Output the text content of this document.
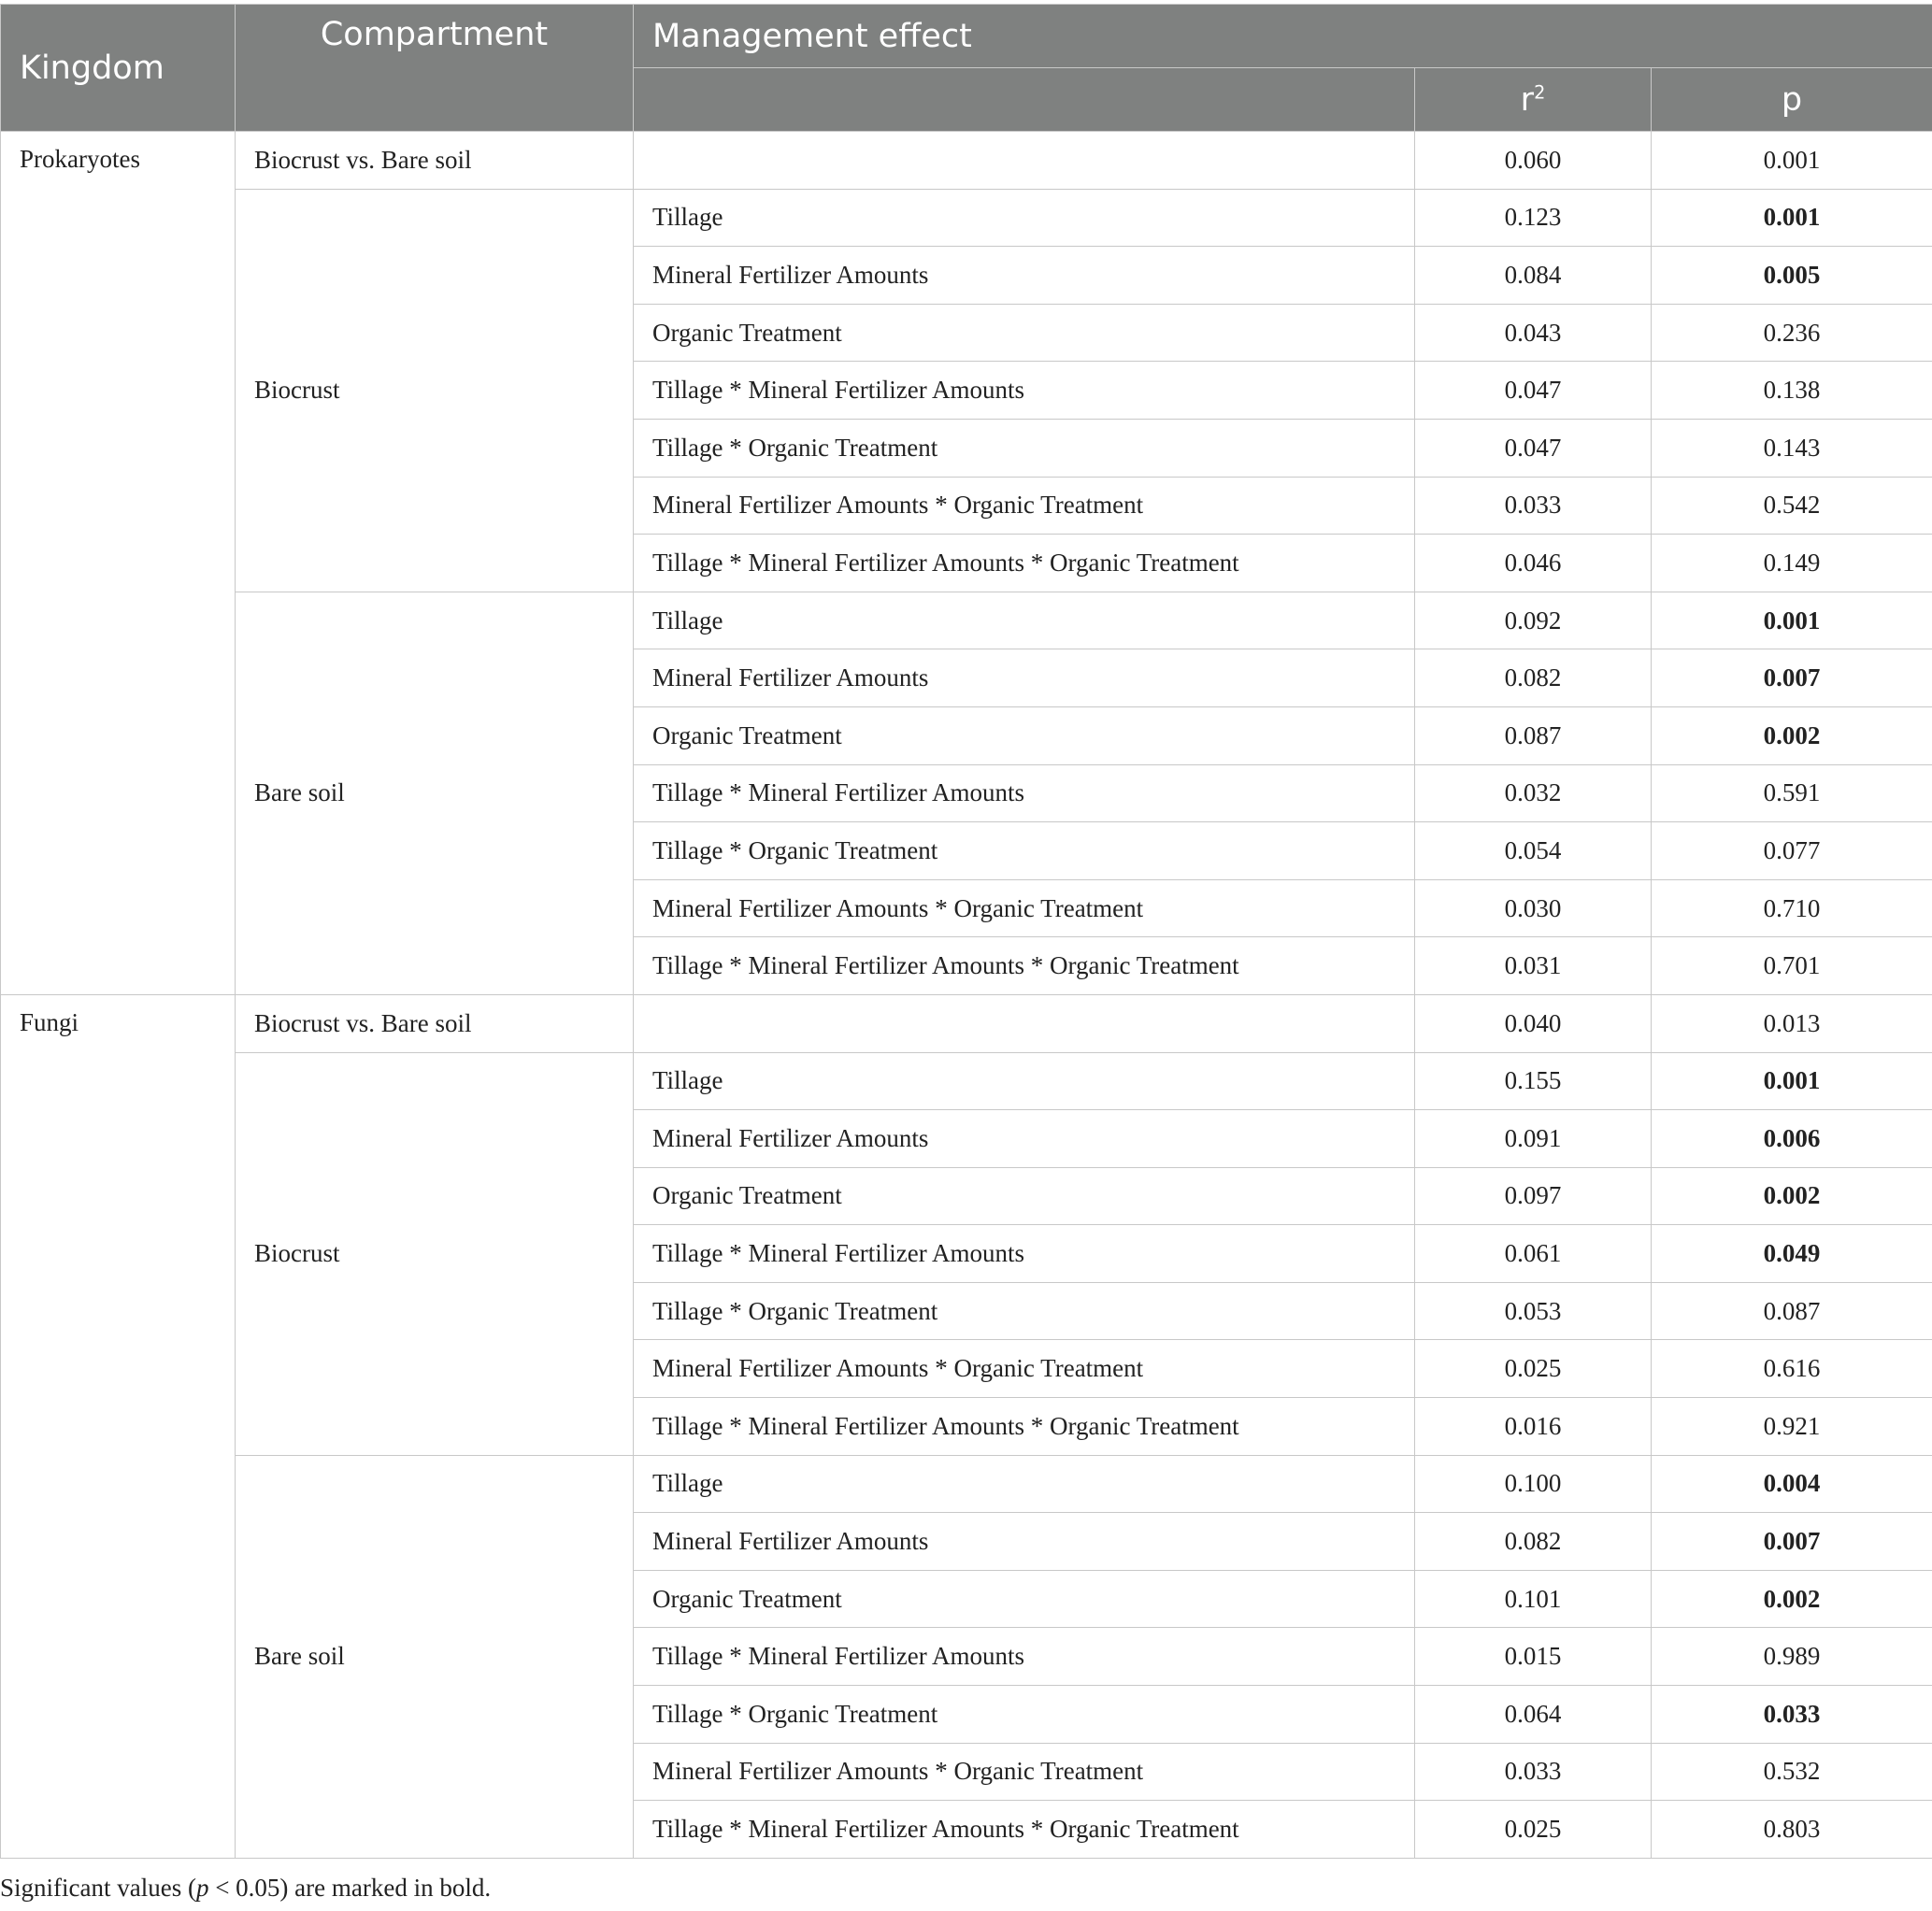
Kingdom	Compartment	Management effect		
			$r^2$	p
Prokaryotes	Biocrust vs. Bare soil		0.060	0.001
	Biocrust	Tillage	0.123	0.001
		Mineral Fertilizer Amounts	0.084	0.005
		Organic Treatment	0.043	0.236
		Tillage * Mineral Fertilizer Amounts	0.047	0.138
		Tillage * Organic Treatment	0.047	0.143
		Mineral Fertilizer Amounts * Organic Treatment	0.033	0.542
		Tillage * Mineral Fertilizer Amounts * Organic Treatment	0.046	0.149
	Bare soil	Tillage	0.092	0.001
		Mineral Fertilizer Amounts	0.082	0.007
		Organic Treatment	0.087	0.002
		Tillage * Mineral Fertilizer Amounts	0.032	0.591
		Tillage * Organic Treatment	0.054	0.077
		Mineral Fertilizer Amounts * Organic Treatment	0.030	0.710
		Tillage * Mineral Fertilizer Amounts * Organic Treatment	0.031	0.701
Fungi	Biocrust vs. Bare soil		0.040	0.013
	Biocrust	Tillage	0.155	0.001
		Mineral Fertilizer Amounts	0.091	0.006
		Organic Treatment	0.097	0.002
		Tillage * Mineral Fertilizer Amounts	0.061	0.049
		Tillage * Organic Treatment	0.053	0.087
		Mineral Fertilizer Amounts * Organic Treatment	0.025	0.616
		Tillage * Mineral Fertilizer Amounts * Organic Treatment	0.016	0.921
	Bare soil	Tillage	0.100	0.004
		Mineral Fertilizer Amounts	0.082	0.007
		Organic Treatment	0.101	0.002
		Tillage * Mineral Fertilizer Amounts	0.015	0.989
		Tillage * Organic Treatment	0.064	0.033
		Mineral Fertilizer Amounts * Organic Treatment	0.033	0.532
		Tillage * Mineral Fertilizer Amounts * Organic Treatment	0.025	0.803
Significant values (p < 0.05) are marked in bold.
